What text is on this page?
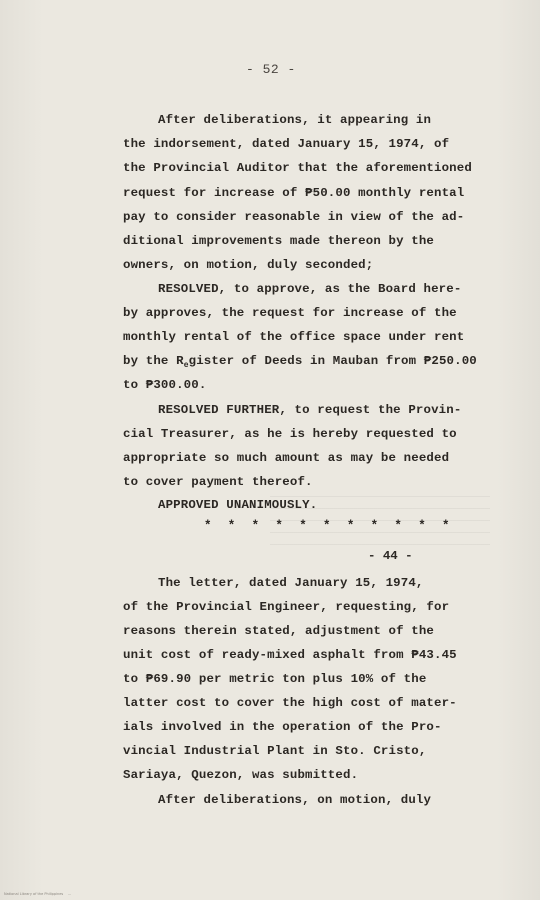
- 52 -
After deliberations, it appearing in
the indorsement, dated January 15, 1974, of
the Provincial Auditor that the aforementioned
request for increase of ₱50.00 monthly rental
pay to consider reasonable in view of the ad-
ditional improvements made thereon by the
owners, on motion, duly seconded;
RESOLVED, to approve, as the Board here-
by approves, the request for increase of the
monthly rental of the office space under rent
by the $R_egister$ of Deeds in Mauban from ₱250.00
to ₱300.00.
RESOLVED FURTHER, to request the Provin-
cial Treasurer, as he is hereby requested to
appropriate so much amount as may be needed
to cover payment thereof.
APPROVED UNANIMOUSLY.
* * * * * * * * * * *
- 44 -
The letter, dated January 15, 1974,
of the Provincial Engineer, requesting, for
reasons therein stated, adjustment of the
unit cost of ready-mixed asphalt from ₱43.45
to ₱69.90 per metric ton plus 10% of the
latter cost to cover the high cost of mater-
ials involved in the operation of the Pro-
vincial Industrial Plant in Sto. Cristo,
Sariaya, Quezon, was submitted.
After deliberations, on motion, duly
National Library of the Philippines    ...
